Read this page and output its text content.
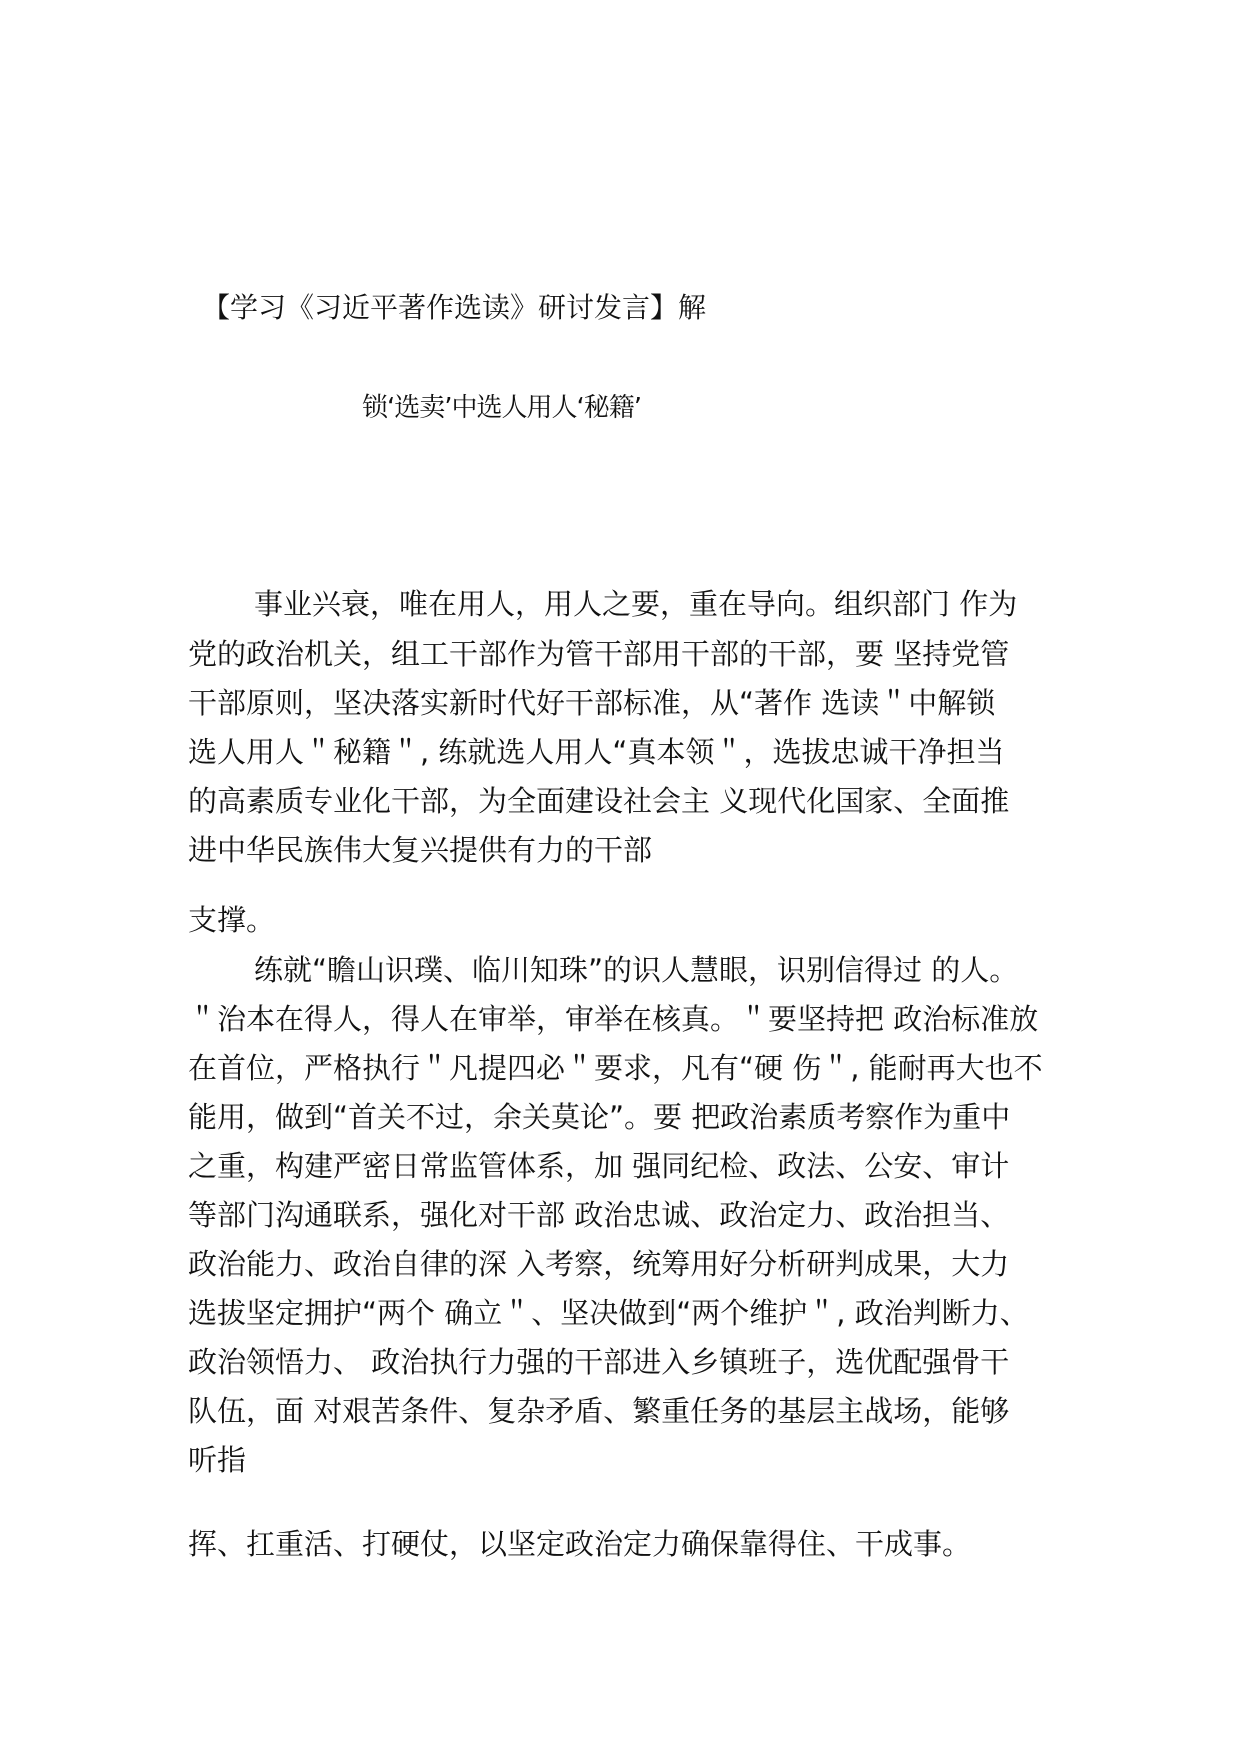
【学习《习近平著作选读》研讨发言】解

锁‘选卖’中选人用人‘秘籍’

事业兴衰，唯在用人，用人之要，重在导向。组织部门 作为

党的政治机关，组工干部作为管干部用干部的干部，要 坚持党管

干部原则，坚决落实新时代好干部标准，从“著作 选读＂中解锁

选人用人＂秘籍＂, 练就选人用人“真本领＂，选拔忠诚干净担当

的高素质专业化干部，为全面建设社会主 义现代化国家、全面推

进中华民族伟大复兴提供有力的干部

支撑。

练就“瞻山识璞、临川知珠”的识人慧眼，识别信得过 的人。

＂治本在得人，得人在审举，审举在核真。＂要坚持把 政治标准放

在首位，严格执行＂凡提四必＂要求，凡有“硬 伤＂, 能耐再大也不

能用，做到“首关不过，余关莫论”。要 把政治素质考察作为重中

之重，构建严密日常监管体系，加 强同纪检、政法、公安、审计

等部门沟通联系，强化对干部 政治忠诚、政治定力、政治担当、

政治能力、政治自律的深 入考察，统筹用好分析研判成果，大力

选拔坚定拥护“两个 确立＂、坚决做到“两个维护＂, 政治判断力、

政治领悟力、 政治执行力强的干部进入乡镇班子，选优配强骨干

队伍，面 对艰苦条件、复杂矛盾、繁重任务的基层主战场，能够

听指

挥、扛重活、打硬仗，以坚定政治定力确保靠得住、干成事。
